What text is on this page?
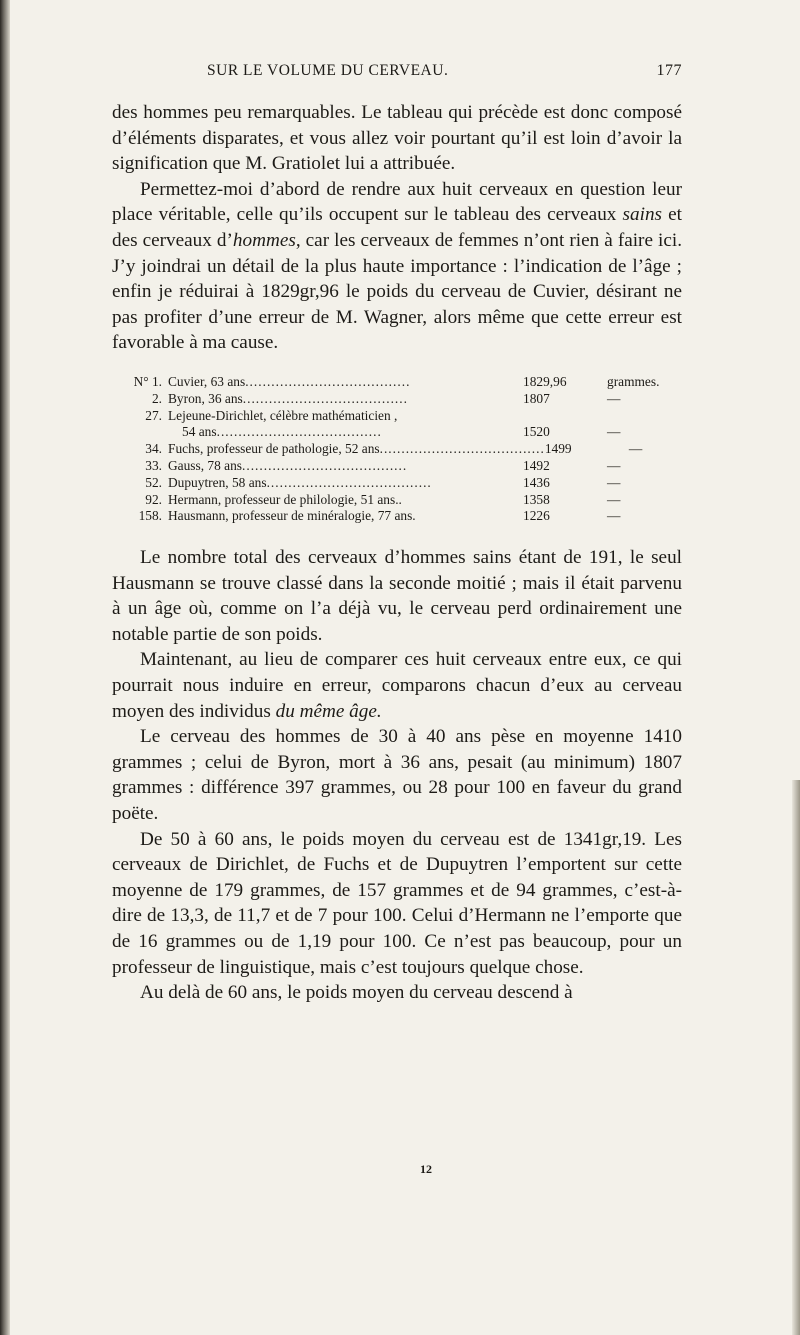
SUR LE VOLUME DU CERVEAU.	177

des hommes peu remarquables. Le tableau qui précède est donc composé d’éléments disparates, et vous allez voir pourtant qu’il est loin d’avoir la signification que M. Gratiolet lui a attribuée.

Permettez-moi d’abord de rendre aux huit cerveaux en question leur place véritable, celle qu’ils occupent sur le tableau des cerveaux sains et des cerveaux d’hommes, car les cerveaux de femmes n’ont rien à faire ici. J’y joindrai un détail de la plus haute importance : l’indication de l’âge ; enfin je réduirai à 1829gr,96 le poids du cerveau de Cuvier, désirant ne pas profiter d’une erreur de M. Wagner, alors même que cette erreur est favorable à ma cause.

N° 1. Cuvier, 63 ans......................................	1829,96	grammes.
2. Byron, 36 ans......................................	1807	—
27. Lejeune-Dirichlet, célèbre mathématicien ,
54 ans......................................	1520	—
34. Fuchs, professeur de pathologie, 52 ans...................................... 1499	—
33. Gauss, 78 ans......................................	1492	—
52. Dupuytren, 58 ans......................................	1436	—
92. Hermann, professeur de philologie, 51 ans..	1358	—
158. Hausmann, professeur de minéralogie, 77 ans.	1226	—

Le nombre total des cerveaux d’hommes sains étant de 191, le seul Hausmann se trouve classé dans la seconde moitié ; mais il était parvenu à un âge où, comme on l’a déjà vu, le cerveau perd ordinairement une notable partie de son poids.

Maintenant, au lieu de comparer ces huit cerveaux entre eux, ce qui pourrait nous induire en erreur, comparons chacun d’eux au cerveau moyen des individus du même âge.

Le cerveau des hommes de 30 à 40 ans pèse en moyenne 1410 grammes ; celui de Byron, mort à 36 ans, pesait (au minimum) 1807 grammes : différence 397 grammes, ou 28 pour 100 en faveur du grand poëte.

De 50 à 60 ans, le poids moyen du cerveau est de 1341gr,19. Les cerveaux de Dirichlet, de Fuchs et de Dupuytren l’emportent sur cette moyenne de 179 grammes, de 157 grammes et de 94 grammes, c’est-à-dire de 13,3, de 11,7 et de 7 pour 100. Celui d’Hermann ne l’emporte que de 16 grammes ou de 1,19 pour 100. Ce n’est pas beaucoup, pour un professeur de linguistique, mais c’est toujours quelque chose.

Au delà de 60 ans, le poids moyen du cerveau descend à

12
